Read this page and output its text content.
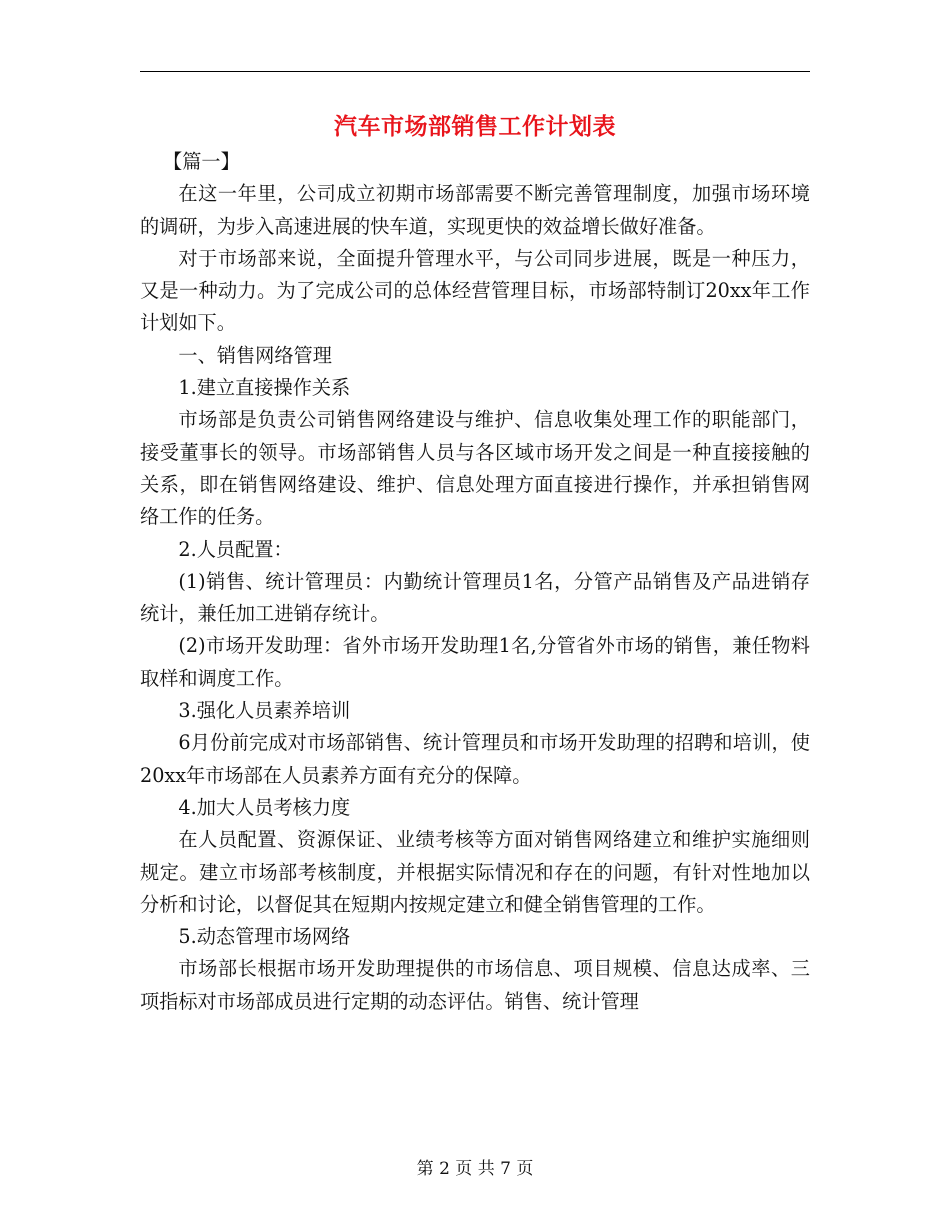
汽车市场部销售工作计划表

【篇一】

在这一年里，公司成立初期市场部需要不断完善管理制度，加强市场环境的调研，为步入高速进展的快车道，实现更快的效益增长做好准备。

对于市场部来说，全面提升管理水平，与公司同步进展，既是一种压力，又是一种动力。为了完成公司的总体经营管理目标，市场部特制订20xx年工作计划如下。

一、销售网络管理

1.建立直接操作关系

市场部是负责公司销售网络建设与维护、信息收集处理工作的职能部门，接受董事长的领导。市场部销售人员与各区域市场开发之间是一种直接接触的关系，即在销售网络建设、维护、信息处理方面直接进行操作，并承担销售网络工作的任务。

2.人员配置：

(1)销售、统计管理员：内勤统计管理员1名，分管产品销售及产品进销存统计，兼任加工进销存统计。

(2)市场开发助理：省外市场开发助理1名,分管省外市场的销售，兼任物料取样和调度工作。

3.强化人员素养培训

6月份前完成对市场部销售、统计管理员和市场开发助理的招聘和培训，使20xx年市场部在人员素养方面有充分的保障。

4.加大人员考核力度

在人员配置、资源保证、业绩考核等方面对销售网络建立和维护实施细则规定。建立市场部考核制度，并根据实际情况和存在的问题，有针对性地加以分析和讨论，以督促其在短期内按规定建立和健全销售管理的工作。

5.动态管理市场网络

市场部长根据市场开发助理提供的市场信息、项目规模、信息达成率、三项指标对市场部成员进行定期的动态评估。销售、统计管理

第 2 页 共 7 页
